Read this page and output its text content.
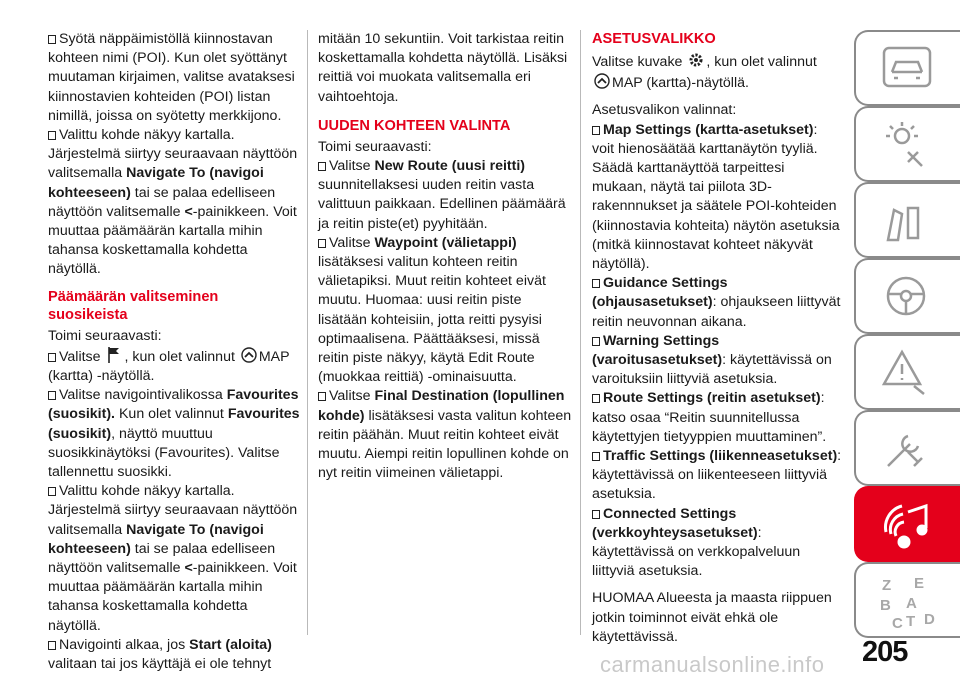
Syötä näppäimistöllä kiinnostavan kohteen nimi (POI). Kun olet syöttänyt muutaman kirjaimen, valitse avataksesi kiinnostavien kohteiden (POI) listan nimillä, joissa on syötetty merkkijono.

Valittu kohde näkyy kartalla. Järjestelmä siirtyy seuraavaan näyttöön valitsemalla Navigate To (navigoi kohteeseen) tai se palaa edelliseen näyttöön valitsemalle <-painikkeen. Voit muuttaa päämäärän kartalla mihin tahansa koskettamalla kohdetta näytöllä.

Päämäärän valitseminen suosikeista

Toimi seuraavasti:

Valitse , kun olet valinnut MAP (kartta) -näytöllä.

Valitse navigointivalikossa Favourites (suosikit). Kun olet valinnut Favourites (suosikit), näyttö muuttuu suosikkinäytöksi (Favourites). Valitse tallennettu suosikki.

Valittu kohde näkyy kartalla. Järjestelmä siirtyy seuraavaan näyttöön valitsemalla Navigate To (navigoi kohteeseen) tai se palaa edelliseen näyttöön valitsemalle <-painikkeen. Voit muuttaa päämäärän kartalla mihin tahansa koskettamalla kohdetta näytöllä.

Navigointi alkaa, jos Start (aloita) valitaan tai jos käyttäjä ei ole tehnyt

mitään 10 sekuntiin. Voit tarkistaa reitin koskettamalla kohdetta näytöllä. Lisäksi reittiä voi muokata valitsemalla eri vaihtoehtoja.

UUDEN KOHTEEN VALINTA

Toimi seuraavasti:

Valitse New Route (uusi reitti) suunnitellaksesi uuden reitin vasta valittuun paikkaan. Edellinen päämäärä ja reitin piste(et) pyyhitään.

Valitse Waypoint (välietappi) lisätäksesi valitun kohteen reitin välietapiksi. Muut reitin kohteet eivät muutu. Huomaa: uusi reitin piste lisätään kohteisiin, jotta reitti pysyisi optimaalisena. Päättääksesi, missä reitin piste näkyy, käytä Edit Route (muokkaa reittiä) -ominaisuutta.

Valitse Final Destination (lopullinen kohde) lisätäksesi vasta valitun kohteen reitin päähän. Muut reitin kohteet eivät muutu. Aiempi reitin lopullinen kohde on nyt reitin viimeinen välietappi.

ASETUSVALIKKO

Valitse kuvake , kun olet valinnut
MAP (kartta)-näytöllä.

Asetusvalikon valinnat:

Map Settings (kartta-asetukset): voit hienosäätää karttanäytön tyyliä. Säädä karttanäyttöä tarpeittesi mukaan, näytä tai piilota 3D-rakennnukset ja säätele POI-kohteiden (kiinnostavia kohteita) näytön asetuksia (mitkä kiinnostavat kohteet näkyvät näytöllä).

Guidance Settings (ohjausasetukset): ohjaukseen liittyvät reitin neuvonnan aikana.

Warning Settings (varoitusasetukset): käytettävissä on varoituksiin liittyviä asetuksia.

Route Settings (reitin asetukset): katso osaa “Reitin suunnitellussa käytettyjen tietyyppien muuttaminen”.

Traffic Settings (liikenneasetukset): käytettävissä on liikenteeseen liittyviä asetuksia.

Connected Settings (verkkoyhteysasetukset): käytettävissä on verkkopalveluun liittyviä asetuksia.

HUOMAA Alueesta ja maasta riippuen jotkin toiminnot eivät ehkä ole käytettävissä.

Z E
B A
C T D
205
carmanualsonline.info
